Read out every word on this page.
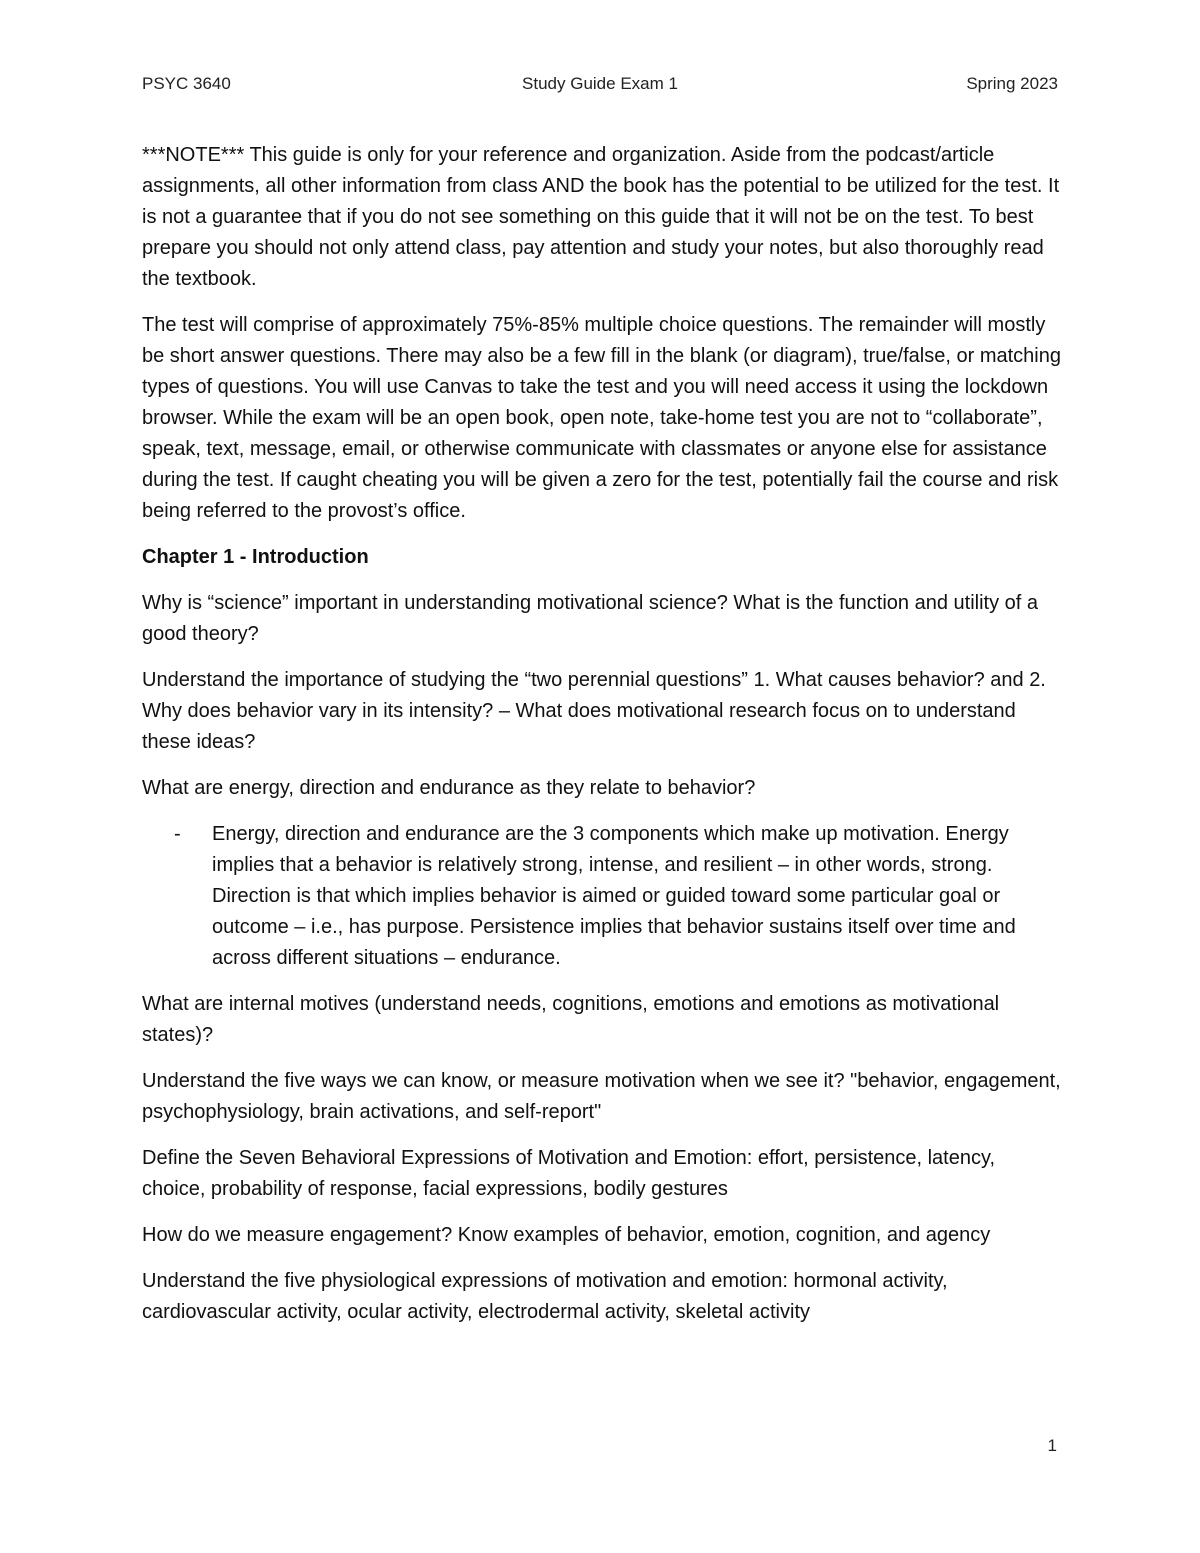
PSYC 3640	Study Guide Exam 1	Spring 2023

***NOTE*** This guide is only for your reference and organization. Aside from the podcast/article assignments, all other information from class AND the book has the potential to be utilized for the test. It is not a guarantee that if you do not see something on this guide that it will not be on the test. To best prepare you should not only attend class, pay attention and study your notes, but also thoroughly read the textbook.

The test will comprise of approximately 75%-85% multiple choice questions. The remainder will mostly be short answer questions. There may also be a few fill in the blank (or diagram), true/false, or matching types of questions. You will use Canvas to take the test and you will need access it using the lockdown browser. While the exam will be an open book, open note, take-home test you are not to “collaborate”, speak, text, message, email, or otherwise communicate with classmates or anyone else for assistance during the test. If caught cheating you will be given a zero for the test, potentially fail the course and risk being referred to the provost’s office.

Chapter 1 - Introduction

Why is “science” important in understanding motivational science? What is the function and utility of a good theory?

Understand the importance of studying the “two perennial questions” 1. What causes behavior? and 2. Why does behavior vary in its intensity? – What does motivational research focus on to understand these ideas?

What are energy, direction and endurance as they relate to behavior?

-	Energy, direction and endurance are the 3 components which make up motivation. Energy implies that a behavior is relatively strong, intense, and resilient – in other words, strong. Direction is that which implies behavior is aimed or guided toward some particular goal or outcome – i.e., has purpose. Persistence implies that behavior sustains itself over time and across different situations – endurance.

What are internal motives (understand needs, cognitions, emotions and emotions as motivational states)?

Understand the five ways we can know, or measure motivation when we see it? "behavior, engagement, psychophysiology, brain activations, and self-report"

Define the Seven Behavioral Expressions of Motivation and Emotion: effort, persistence, latency, choice, probability of response, facial expressions, bodily gestures

How do we measure engagement? Know examples of behavior, emotion, cognition, and agency

Understand the five physiological expressions of motivation and emotion: hormonal activity, cardiovascular activity, ocular activity, electrodermal activity, skeletal activity

1
